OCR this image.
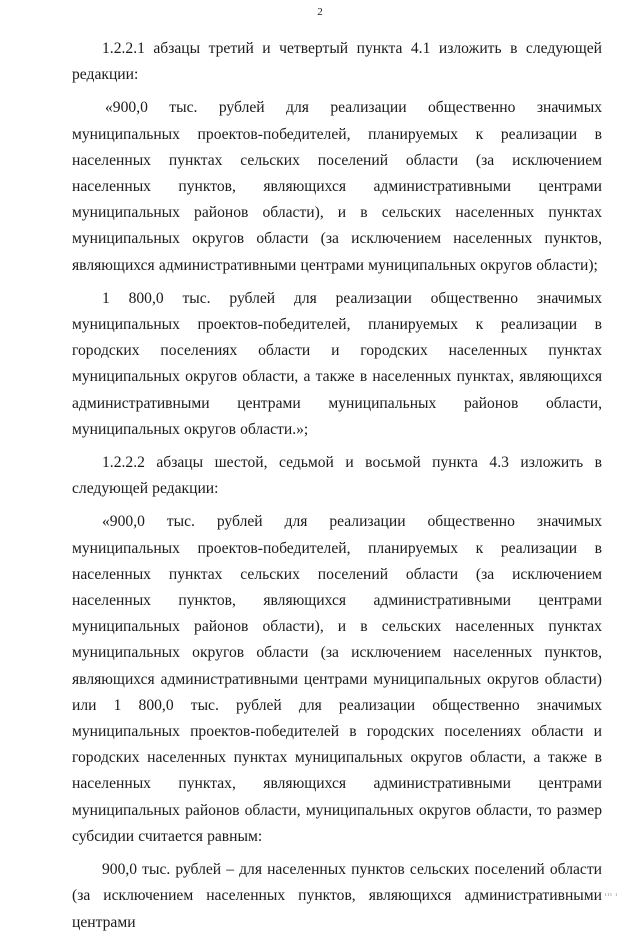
2

1.2.2.1 абзацы третий и четвертый пункта 4.1 изложить в следующей редакции:

«900,0 тыс. рублей для реализации общественно значимых муниципальных проектов-победителей, планируемых к реализации в населенных пунктах сельских поселений области (за исключением населенных пунктов, являющихся административными центрами муниципальных районов области), и в сельских населенных пунктах муниципальных округов области (за исключением населенных пунктов, являющихся административными центрами муниципальных округов области);

1 800,0 тыс. рублей для реализации общественно значимых муниципальных проектов-победителей, планируемых к реализации в городских поселениях области и городских населенных пунктах муниципальных округов области, а также в населенных пунктах, являющихся административными центрами муниципальных районов области, муниципальных округов области.»;

1.2.2.2 абзацы шестой, седьмой и восьмой пункта 4.3 изложить в следующей редакции:

«900,0 тыс. рублей для реализации общественно значимых муниципальных проектов-победителей, планируемых к реализации в населенных пунктах сельских поселений области (за исключением населенных пунктов, являющихся административными центрами муниципальных районов области), и в сельских населенных пунктах муниципальных округов области (за исключением населенных пунктов, являющихся административными центрами муниципальных округов области) или 1 800,0 тыс. рублей для реализации общественно значимых муниципальных проектов-победителей в городских поселениях области и городских населенных пунктах муниципальных округов области, а также в населенных пунктах, являющихся административными центрами муниципальных районов области, муниципальных округов области, то размер субсидии считается равным:

900,0 тыс. рублей – для населенных пунктов сельских поселений области (за исключением населенных пунктов, являющихся административными центрами

ııı ı
